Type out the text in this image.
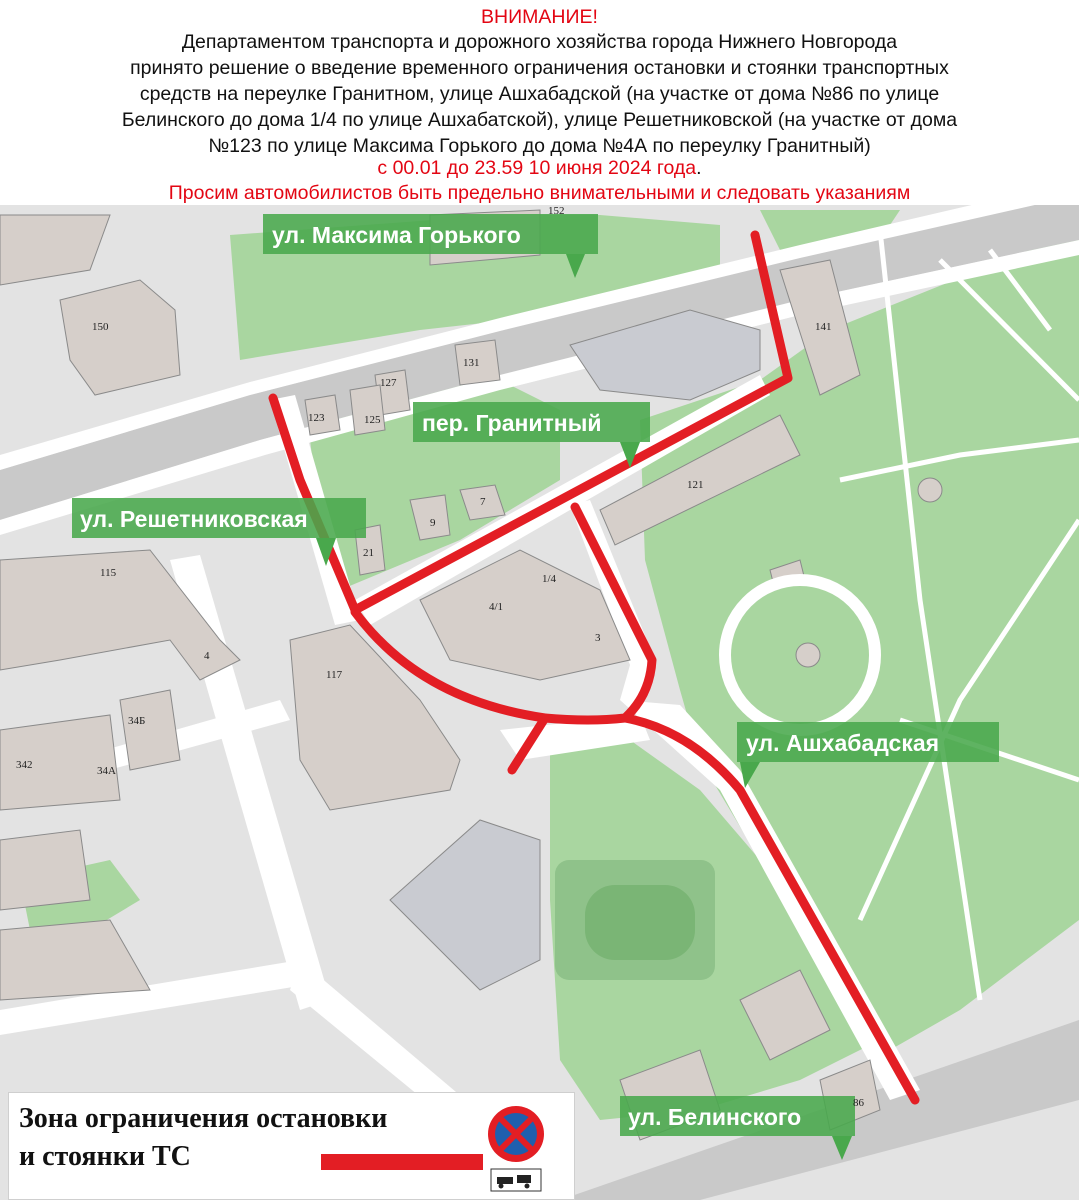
ВНИМАНИЕ!
Департаментом транспорта и дорожного хозяйства города Нижнего Новгорода
принято решение о введение временного ограничения остановки и стоянки транспортных
средств на переулке Гранитном, улице Ашхабадской (на участке от дома №86 по улице
Белинского до дома 1/4 по улице Ашхабатской), улице Решетниковской (на участке от дома
№123 по улице Максима Горького до дома №4А по переулку Гранитный)
с 00.01 до 23.59 10 июня 2024 года.
Просим автомобилистов быть предельно внимательными и следовать указаниям
ул. Максима Горького
пер. Гранитный
ул. Решетниковская
ул. Ашхабадская
ул. Белинского
152
150	141
131
127
123	125
121
7
9
21
115	1/4
4/1
3
4
117
34Б
342	34А
86
Зона ограничения остановки
и стоянки ТС
